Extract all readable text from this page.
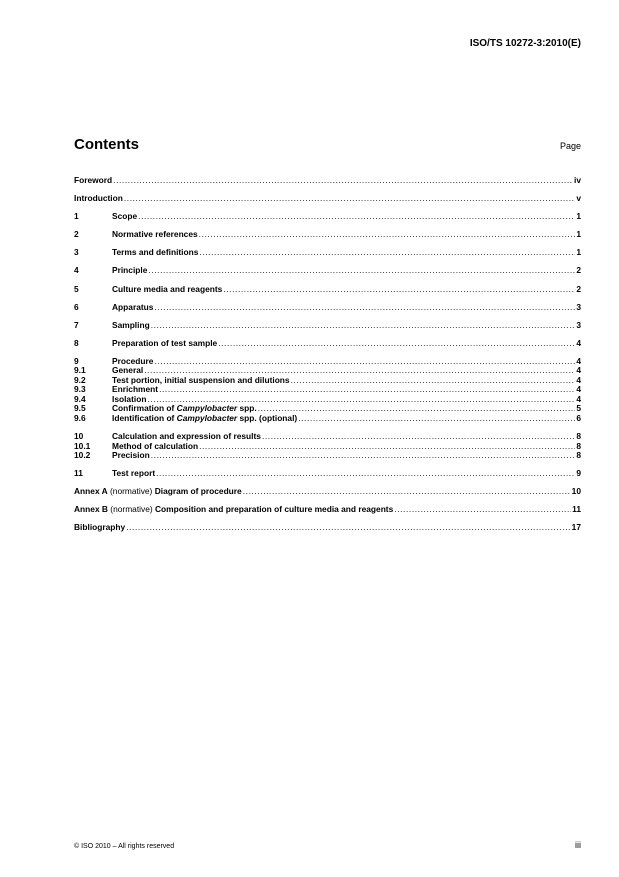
ISO/TS 10272-3:2010(E)
Contents	Page
Foreword .....	iv
Introduction .....	v
1	Scope .....	1
2	Normative references .....	1
3	Terms and definitions .....	1
4	Principle .....	2
5	Culture media and reagents .....	2
6	Apparatus .....	3
7	Sampling .....	3
8	Preparation of test sample .....	4
9	Procedure .....	4
9.1	General .....	4
9.2	Test portion, initial suspension and dilutions .....	4
9.3	Enrichment .....	4
9.4	Isolation .....	4
9.5	Confirmation of Campylobacter spp. .....	5
9.6	Identification of Campylobacter spp. (optional) .....	6
10	Calculation and expression of results .....	8
10.1	Method of calculation .....	8
10.2	Precision .....	8
11	Test report .....	9
Annex A (normative) Diagram of procedure .....	10
Annex B (normative) Composition and preparation of culture media and reagents .....	11
Bibliography .....	17
© ISO 2010 – All rights reserved	iii
